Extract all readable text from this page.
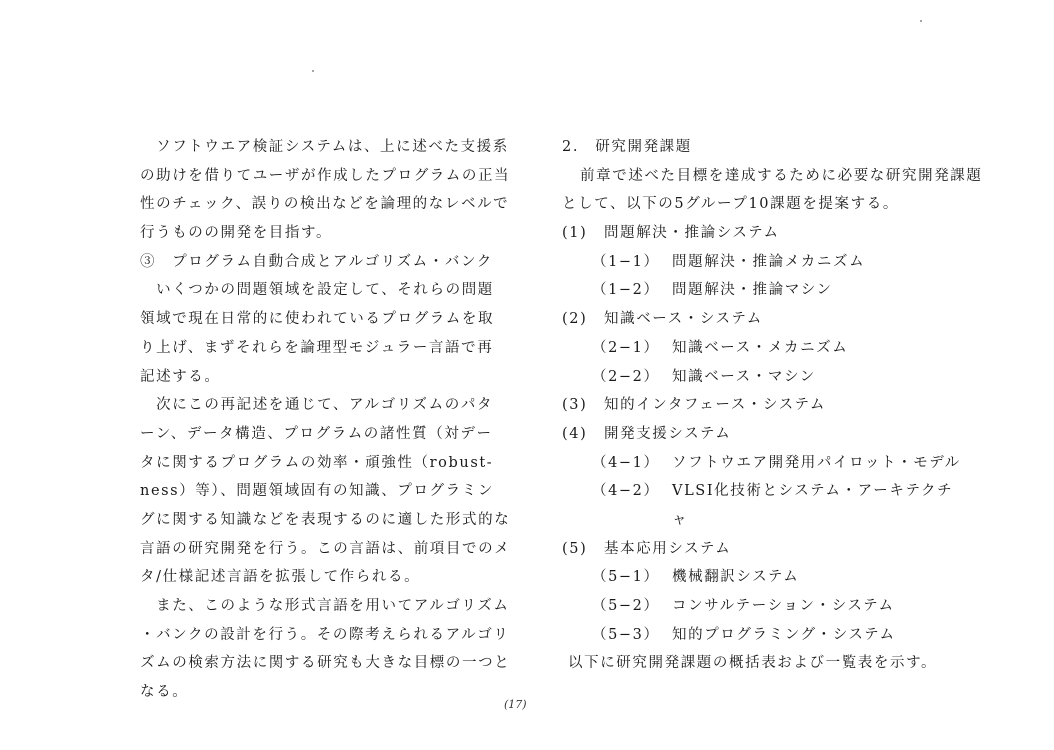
　ソフトウエア検証システムは、上に述べた支援系
の助けを借りてユーザが作成したプログラムの正当
性のチェック、誤りの検出などを論理的なレベルで
行うものの開発を目指す。
③　プログラム自動合成とアルゴリズム・バンク
　いくつかの問題領域を設定して、それらの問題
領域で現在日常的に使われているプログラムを取
り上げ、まずそれらを論理型モジュラー言語で再
記述する。
　次にこの再記述を通じて、アルゴリズムのパタ
ーン、データ構造、プログラムの諸性質（対デー
タに関するプログラムの効率・頑強性（robust-
ness）等）、問題領域固有の知識、プログラミン
グに関する知識などを表現するのに適した形式的な
言語の研究開発を行う。この言語は、前項目でのメ
タ/仕様記述言語を拡張して作られる。
　また、このような形式言語を用いてアルゴリズム
・バンクの設計を行う。その際考えられるアルゴリ
ズムの検索方法に関する研究も大きな目標の一つと
なる。
2. 研究開発課題
前章で述べた目標を達成するために必要な研究開発課題
として、以下の5グループ10課題を提案する。
(1) 問題解決・推論システム
（1−1） 問題解決・推論メカニズム
（1−2） 問題解決・推論マシン
(2) 知識ベース・システム
（2−1） 知識ベース・メカニズム
（2−2） 知識ベース・マシン
(3) 知的インタフェース・システム
(4) 開発支援システム
（4−1） ソフトウエア開発用パイロット・モデル
（4−2） VLSI化技術とシステム・アーキテクチ
ャ
(5) 基本応用システム
（5−1） 機械翻訳システム
（5−2） コンサルテーション・システム
（5−3） 知的プログラミング・システム
以下に研究開発課題の概括表および一覧表を示す。
(17)
